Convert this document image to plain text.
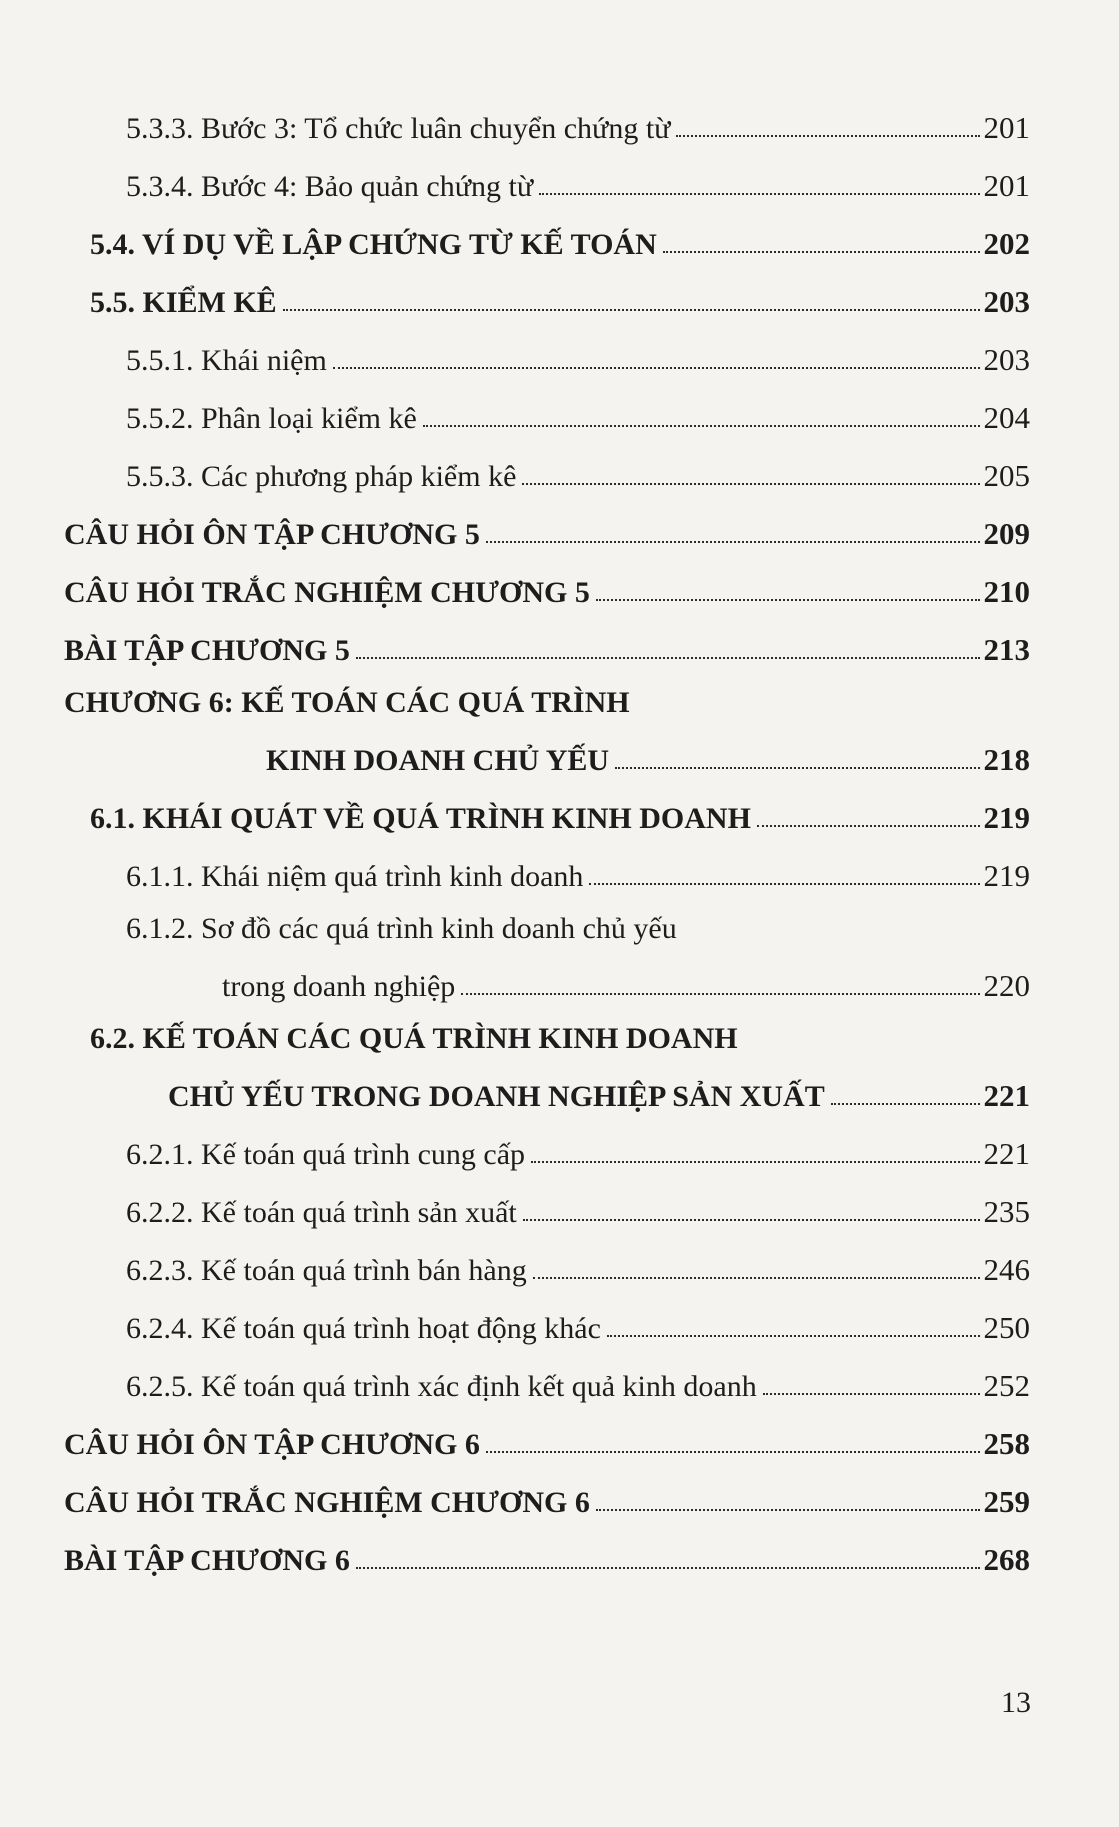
5.3.3. Bước 3: Tổ chức luân chuyển chứng từ	201
5.3.4. Bước 4: Bảo quản chứng từ	201
5.4. VÍ DỤ VỀ LẬP CHỨNG TỪ KẾ TOÁN	202
5.5. KIỂM KÊ	203
5.5.1. Khái niệm	203
5.5.2. Phân loại kiểm kê	204
5.5.3. Các phương pháp kiểm kê	205
CÂU HỎI ÔN TẬP CHƯƠNG 5	209
CÂU HỎI TRẮC NGHIỆM CHƯƠNG 5	210
BÀI TẬP CHƯƠNG 5	213
CHƯƠNG 6: KẾ TOÁN CÁC QUÁ TRÌNH
KINH DOANH CHỦ YẾU	218
6.1. KHÁI QUÁT VỀ QUÁ TRÌNH KINH DOANH	219
6.1.1. Khái niệm quá trình kinh doanh	219
6.1.2. Sơ đồ các quá trình kinh doanh chủ yếu
trong doanh nghiệp	220
6.2. KẾ TOÁN CÁC QUÁ TRÌNH KINH DOANH
CHỦ YẾU TRONG DOANH NGHIỆP SẢN XUẤT	221
6.2.1. Kế toán quá trình cung cấp	221
6.2.2. Kế toán quá trình sản xuất	235
6.2.3. Kế toán quá trình bán hàng	246
6.2.4. Kế toán quá trình hoạt động khác	250
6.2.5. Kế toán quá trình xác định kết quả kinh doanh	252
CÂU HỎI ÔN TẬP CHƯƠNG 6	258
CÂU HỎI TRẮC NGHIỆM CHƯƠNG 6	259
BÀI TẬP CHƯƠNG 6	268
13
